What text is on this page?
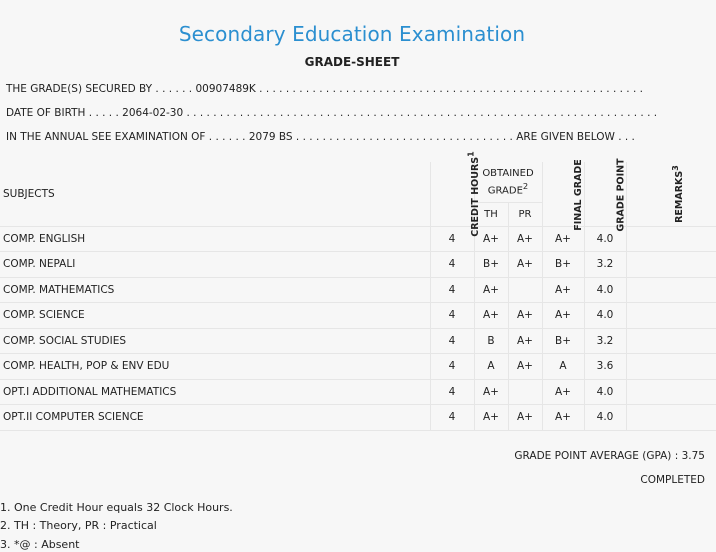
Secondary Education Examination
GRADE-SHEET
THE GRADE(S) SECURED BY . . . . . . 00907489K . . . . . . . . . . . . . . . . . . . . . . . . . . . . . . . . . . . . . . . . . . . . . . . . . . . . . . . . . .
DATE OF BIRTH . . . . . 2064-02-30 . . . . . . . . . . . . . . . . . . . . . . . . . . . . . . . . . . . . . . . . . . . . . . . . . . . . . . . . . . . . . . . . . . . . . . .
IN THE ANNUAL SEE EXAMINATION OF . . . . . . 2079 BS . . . . . . . . . . . . . . . . . . . . . . . . . . . . . . . . . ARE GIVEN BELOW . . .
SUBJECTS	CREDIT HOURS$^1$	OBTAINED GRADE$^2$		FINAL GRADE	GRADE POINT	REMARKS$^3$
		TH	PR			
COMP. ENGLISH	4	A+	A+	A+	4.0	
COMP. NEPALI	4	B+	A+	B+	3.2	
COMP. MATHEMATICS	4	A+		A+	4.0	
COMP. SCIENCE	4	A+	A+	A+	4.0	
COMP. SOCIAL STUDIES	4	B	A+	B+	3.2	
COMP. HEALTH, POP & ENV EDU	4	A	A+	A	3.6	
OPT.I ADDITIONAL MATHEMATICS	4	A+		A+	4.0	
OPT.II COMPUTER SCIENCE	4	A+	A+	A+	4.0	
GRADE POINT AVERAGE (GPA) : 3.75
COMPLETED
1. One Credit Hour equals 32 Clock Hours.
2. TH : Theory, PR : Practical
3. *@ : Absent
